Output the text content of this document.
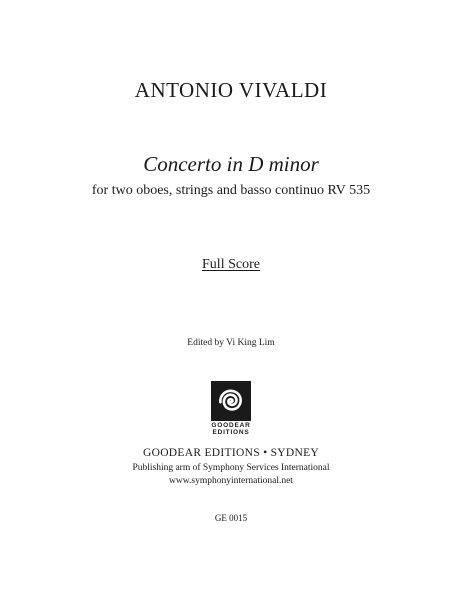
ANTONIO VIVALDI
Concerto in D minor
for two oboes, strings and basso continuo RV 535
Full Score
Edited by Vi King Lim
GOODEAR
EDITIONS
GOODEAR EDITIONS • SYDNEY
Publishing arm of Symphony Services International
www.symphonyinternational.net
GE 0015
